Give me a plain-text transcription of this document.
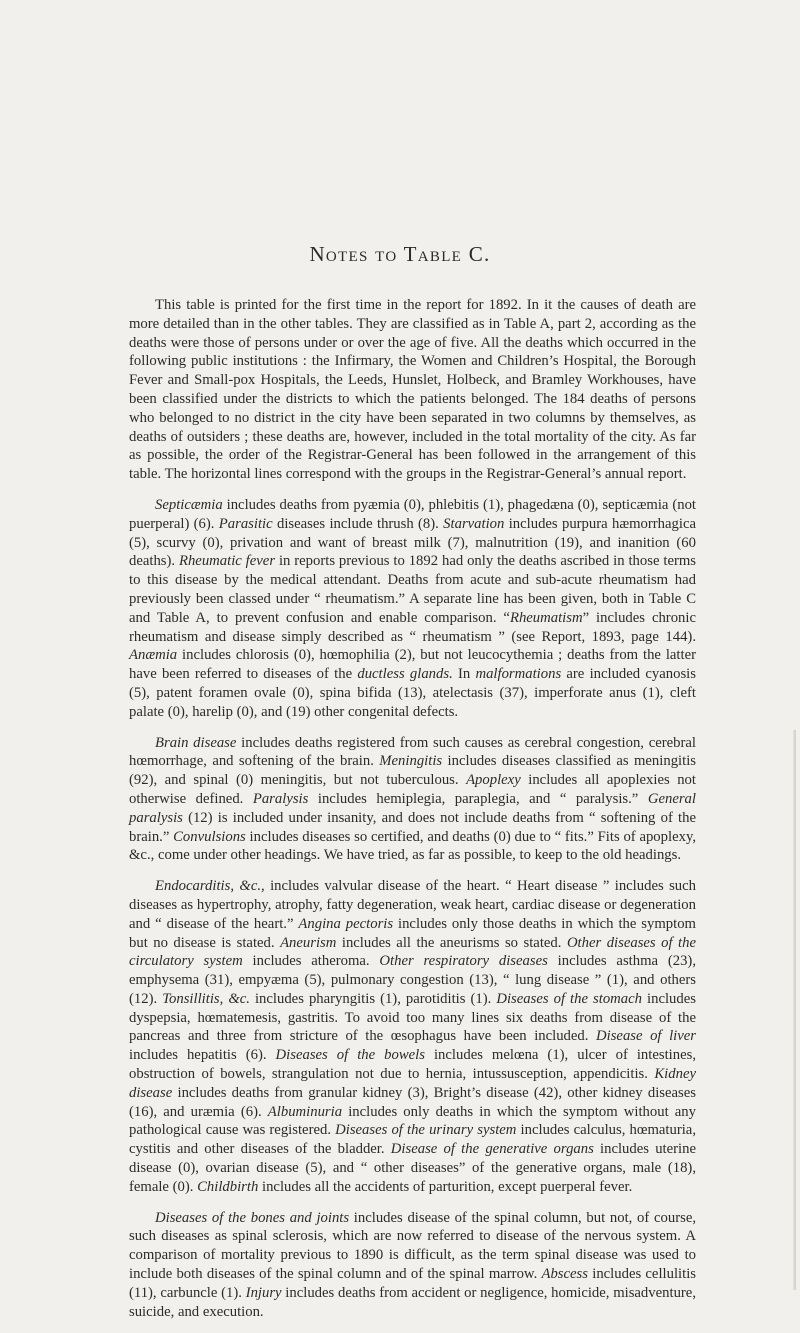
Notes to Table C.

This table is printed for the first time in the report for 1892. In it the causes of death are more detailed than in the other tables. They are classified as in Table A, part 2, according as the deaths were those of persons under or over the age of five. All the deaths which occurred in the following public institutions : the Infirmary, the Women and Children’s Hospital, the Borough Fever and Small-pox Hospitals, the Leeds, Hunslet, Holbeck, and Bramley Workhouses, have been classified under the districts to which the patients belonged. The 184 deaths of persons who belonged to no district in the city have been separated in two columns by themselves, as deaths of outsiders ; these deaths are, however, included in the total mortality of the city. As far as possible, the order of the Registrar-General has been followed in the arrangement of this table. The horizontal lines correspond with the groups in the Registrar-General’s annual report.

Septicæmia includes deaths from pyæmia (0), phlebitis (1), phagedæna (0), septicæmia (not puerperal) (6). Parasitic diseases include thrush (8). Starvation includes purpura hæmorrhagica (5), scurvy (0), privation and want of breast milk (7), malnutrition (19), and inanition (60 deaths). Rheumatic fever in reports previous to 1892 had only the deaths ascribed in those terms to this disease by the medical attendant. Deaths from acute and sub-acute rheumatism had previously been classed under “ rheumatism.” A separate line has been given, both in Table C and Table A, to prevent confusion and enable comparison. “Rheumatism” includes chronic rheumatism and disease simply described as “ rheumatism ” (see Report, 1893, page 144). Anæmia includes chlorosis (0), hœmophilia (2), but not leucocythemia ; deaths from the latter have been referred to diseases of the ductless glands. In malformations are included cyanosis (5), patent foramen ovale (0), spina bifida (13), atelectasis (37), imperforate anus (1), cleft palate (0), harelip (0), and (19) other congenital defects.

Brain disease includes deaths registered from such causes as cerebral congestion, cerebral hœmorrhage, and softening of the brain. Meningitis includes diseases classified as meningitis (92), and spinal (0) meningitis, but not tuberculous. Apoplexy includes all apoplexies not otherwise defined. Paralysis includes hemiplegia, paraplegia, and “ paralysis.” General paralysis (12) is included under insanity, and does not include deaths from “ softening of the brain.” Convulsions includes diseases so certified, and deaths (0) due to “ fits.” Fits of apoplexy, &c., come under other headings. We have tried, as far as possible, to keep to the old headings.

Endocarditis, &c., includes valvular disease of the heart. “ Heart disease ” includes such diseases as hypertrophy, atrophy, fatty degeneration, weak heart, cardiac disease or degeneration and “ disease of the heart.” Angina pectoris includes only those deaths in which the symptom but no disease is stated. Aneurism includes all the aneurisms so stated. Other diseases of the circulatory system includes atheroma. Other respiratory diseases includes asthma (23), emphysema (31), empyæma (5), pulmonary congestion (13), “ lung disease ” (1), and others (12). Tonsillitis, &c. includes pharyngitis (1), parotiditis (1). Diseases of the stomach includes dyspepsia, hœmatemesis, gastritis. To avoid too many lines six deaths from disease of the pancreas and three from stricture of the œsophagus have been included. Disease of liver includes hepatitis (6). Diseases of the bowels includes melœna (1), ulcer of intestines, obstruction of bowels, strangulation not due to hernia, intussusception, appendicitis. Kidney disease includes deaths from granular kidney (3), Bright’s disease (42), other kidney diseases (16), and uræmia (6). Albuminuria includes only deaths in which the symptom without any pathological cause was registered. Diseases of the urinary system includes calculus, hœmaturia, cystitis and other diseases of the bladder. Disease of the generative organs includes uterine disease (0), ovarian disease (5), and “ other diseases” of the generative organs, male (18), female (0). Childbirth includes all the accidents of parturition, except puerperal fever.

Diseases of the bones and joints includes disease of the spinal column, but not, of course, such diseases as spinal sclerosis, which are now referred to disease of the nervous system. A comparison of mortality previous to 1890 is difficult, as the term spinal disease was used to include both diseases of the spinal column and of the spinal marrow. Abscess includes cellulitis (11), carbuncle (1). Injury includes deaths from accident or negligence, homicide, misadventure, suicide, and execution.
